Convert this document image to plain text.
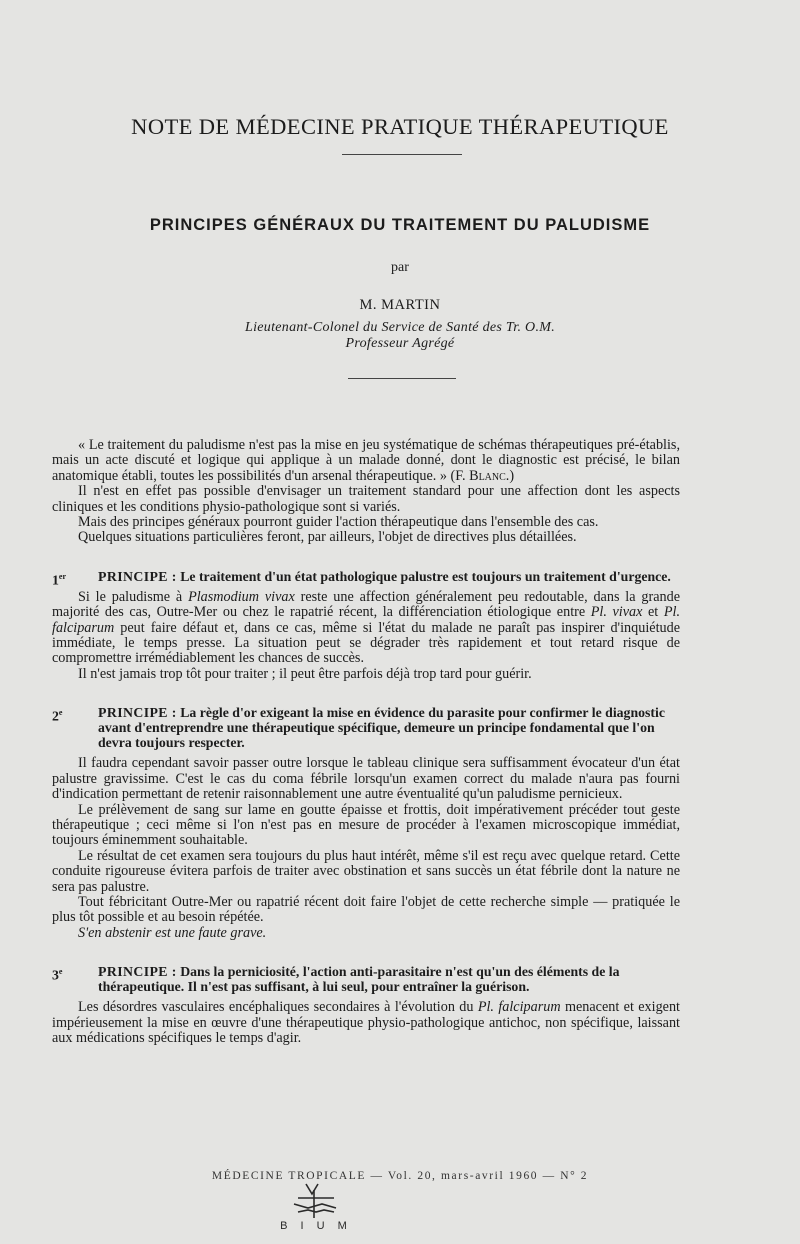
NOTE DE MÉDECINE PRATIQUE THÉRAPEUTIQUE
PRINCIPES GÉNÉRAUX DU TRAITEMENT DU PALUDISME
par
M. MARTIN
Lieutenant-Colonel du Service de Santé des Tr. O.M.
Professeur Agrégé

« Le traitement du paludisme n'est pas la mise en jeu systématique de schémas thérapeutiques pré-établis, mais un acte discuté et logique qui applique à un malade donné, dont le diagnostic est précisé, le bilan anatomique établi, toutes les possibilités d'un arsenal thérapeutique. » (F. Blanc.)

Il n'est en effet pas possible d'envisager un traitement standard pour une affection dont les aspects cliniques et les conditions physio-pathologique sont si variés.

Mais des principes généraux pourront guider l'action thérapeutique dans l'ensemble des cas.

Quelques situations particulières feront, par ailleurs, l'objet de directives plus détaillées.

1er PRINCIPE : Le traitement d'un état pathologique palustre est toujours un traitement d'urgence.

Si le paludisme à Plasmodium vivax reste une affection généralement peu redoutable, dans la grande majorité des cas, Outre-Mer ou chez le rapatrié récent, la différenciation étiologique entre Pl. vivax et Pl. falciparum peut faire défaut et, dans ce cas, même si l'état du malade ne paraît pas inspirer d'inquiétude immédiate, le temps presse. La situation peut se dégrader très rapidement et tout retard risque de compromettre irrémédiablement les chances de succès.

Il n'est jamais trop tôt pour traiter ; il peut être parfois déjà trop tard pour guérir.

2e	PRINCIPE : La règle d'or exigeant la mise en évidence du parasite pour confirmer le diagnostic avant d'entreprendre une thérapeutique spécifique, demeure un principe fondamental que l'on devra toujours respecter.

Il faudra cependant savoir passer outre lorsque le tableau clinique sera suffisamment évocateur d'un état palustre gravissime. C'est le cas du coma fébrile lorsqu'un examen correct du malade n'aura pas fourni d'indication permettant de retenir raisonnablement une autre éventualité qu'un paludisme pernicieux.

Le prélèvement de sang sur lame en goutte épaisse et frottis, doit impérativement précéder tout geste thérapeutique ; ceci même si l'on n'est pas en mesure de procéder à l'examen microscopique immédiat, toujours éminemment souhaitable.

Le résultat de cet examen sera toujours du plus haut intérêt, même s'il est reçu avec quelque retard. Cette conduite rigoureuse évitera parfois de traiter avec obstination et sans succès un état fébrile dont la nature ne sera pas palustre.

Tout fébricitant Outre-Mer ou rapatrié récent doit faire l'objet de cette recherche simple — pratiquée le plus tôt possible et au besoin répétée.

S'en abstenir est une faute grave.

3e	PRINCIPE : Dans la perniciosité, l'action anti-parasitaire n'est qu'un des éléments de la thérapeutique. Il n'est pas suffisant, à lui seul, pour entraîner la guérison.

Les désordres vasculaires encéphaliques secondaires à l'évolution du Pl. falciparum menacent et exigent impérieusement la mise en œuvre d'une thérapeutique physio-pathologique antichoc, non spécifique, laissant aux médications spécifiques le temps d'agir.

MÉDECINE TROPICALE — Vol. 20, mars-avril 1960 — N° 2
B I U M
